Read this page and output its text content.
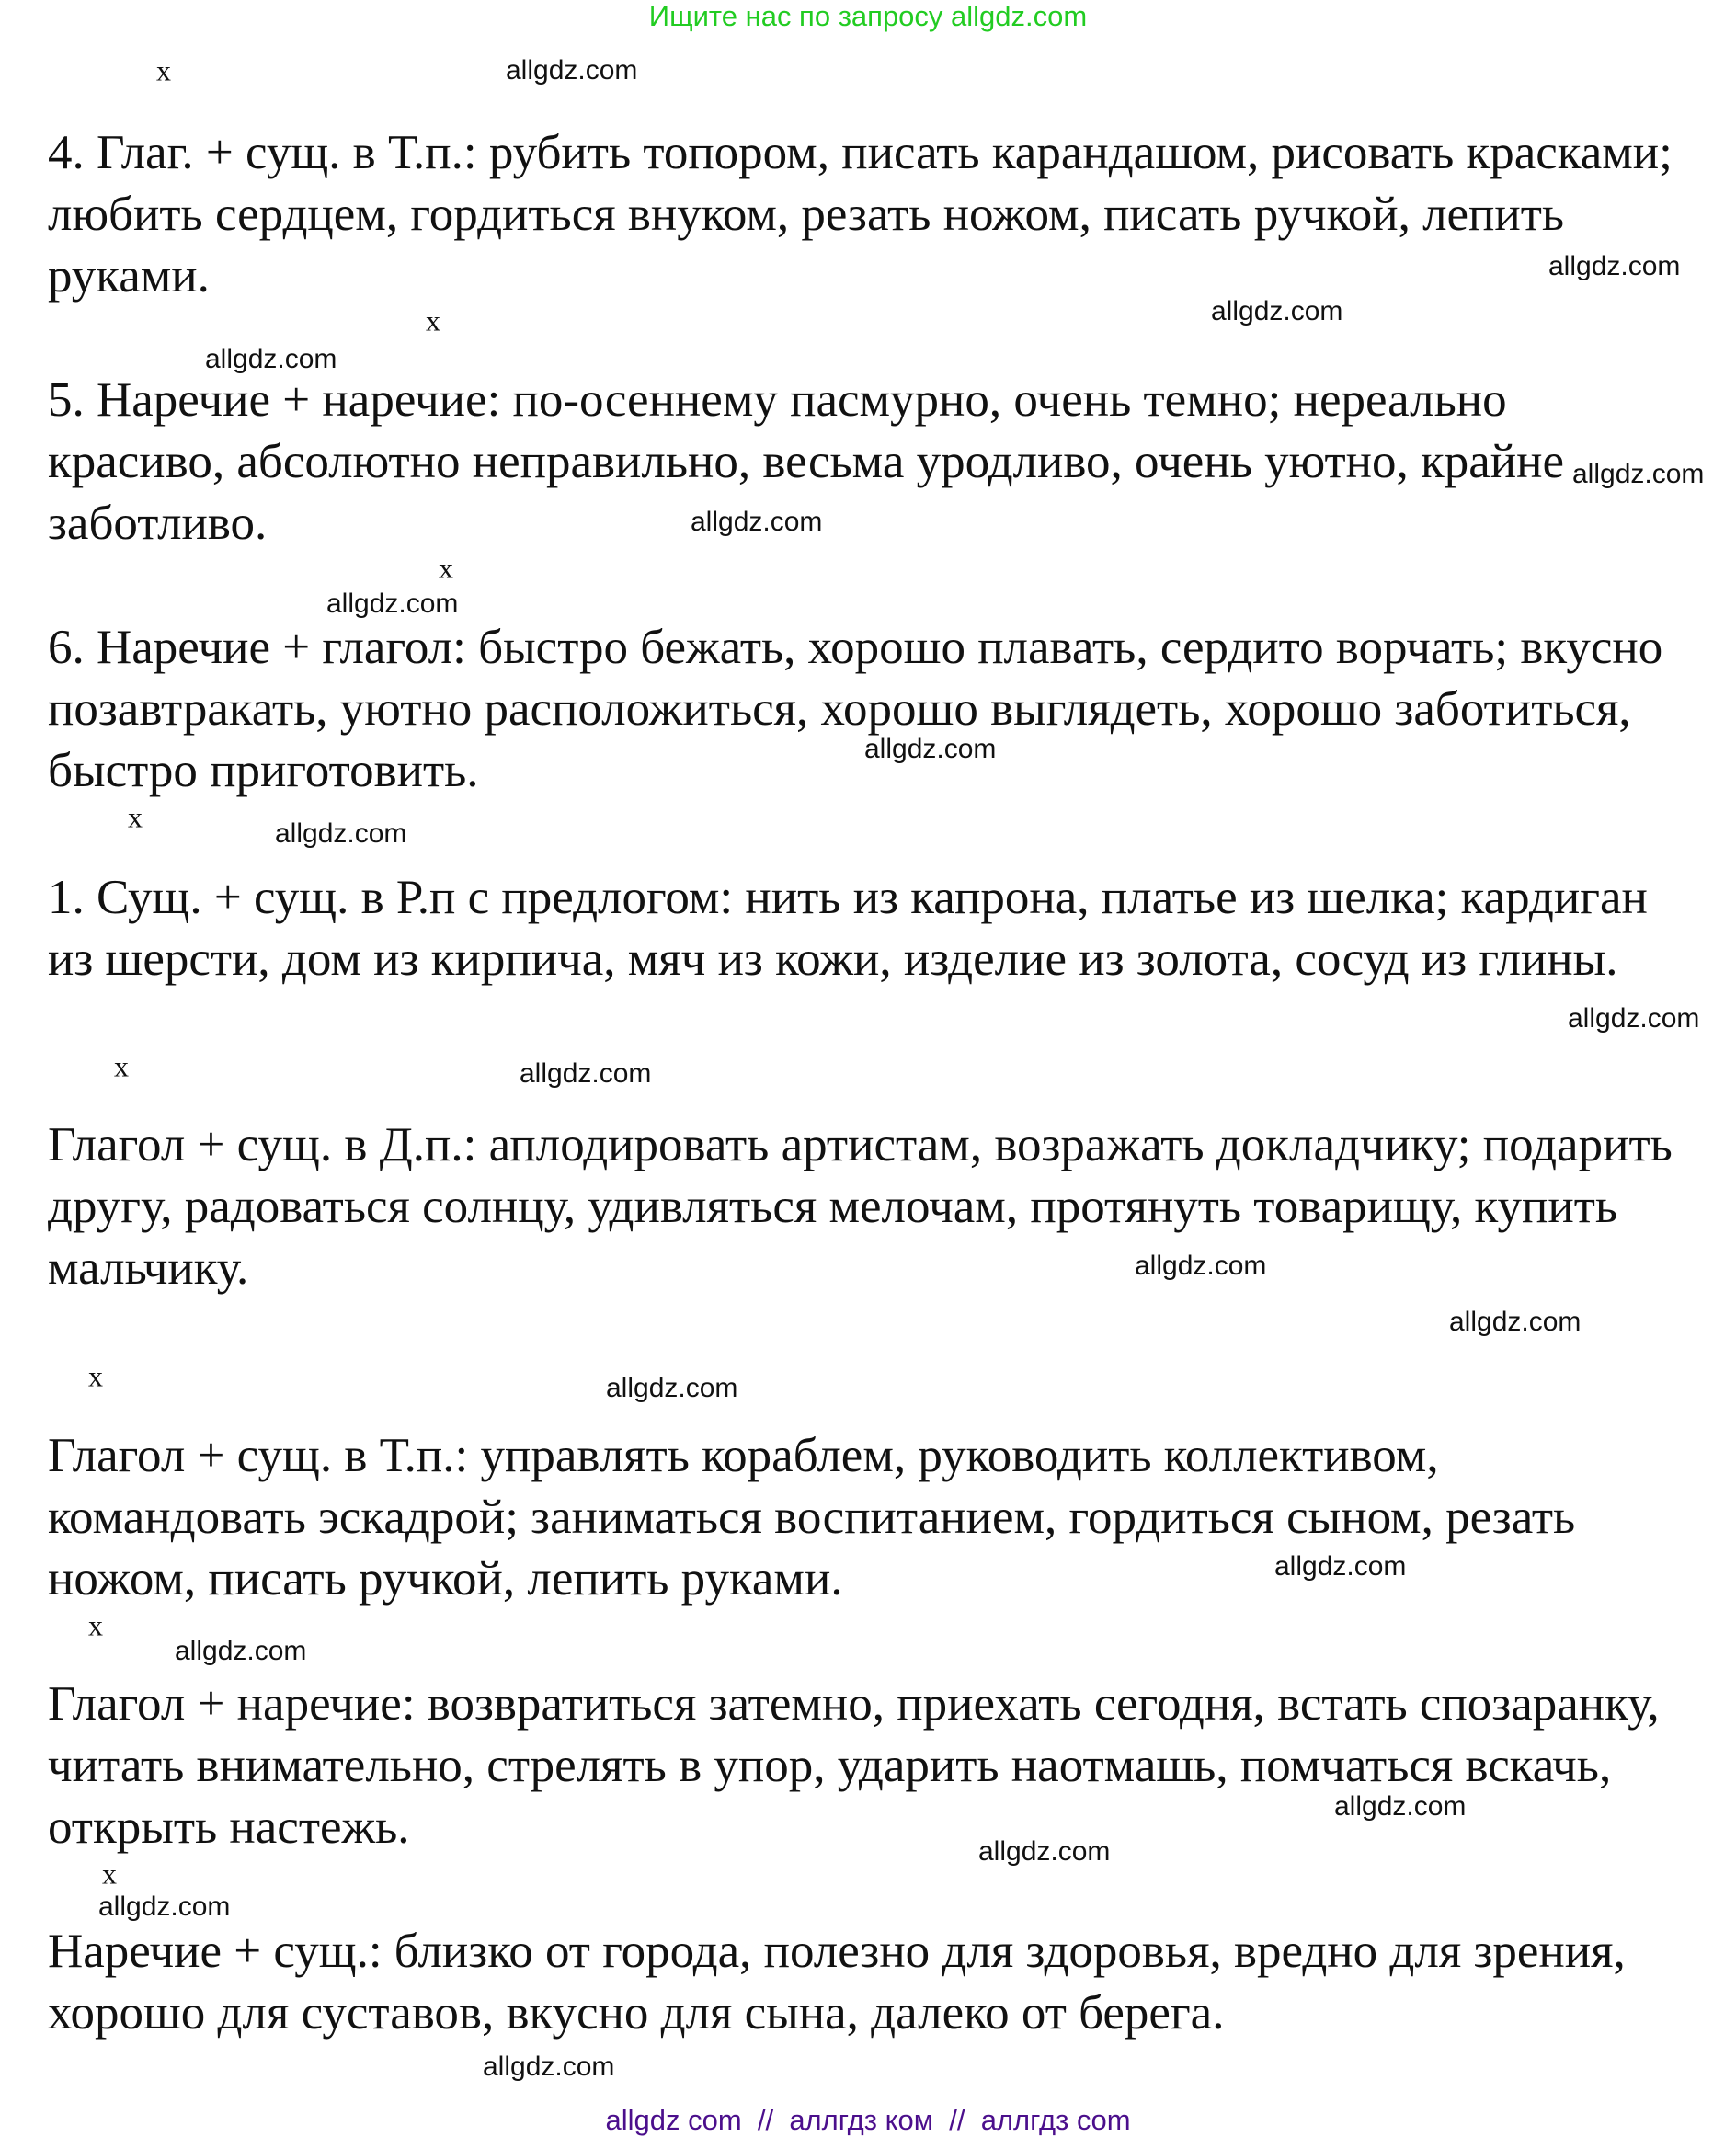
Ищите нас по запросу allgdz.com

4. Глаг. + сущ. в Т.п.: рубить топором, писать карандашом, рисовать красками; любить сердцем, гордиться внуком, резать ножом, писать ручкой, лепить руками.

5. Наречие + наречие: по-осеннему пасмурно, очень темно; нереально красиво, абсолютно неправильно, весьма уродливо, очень уютно, крайне заботливо.

6. Наречие + глагол: быстро бежать, хорошо плавать, сердито ворчать; вкусно позавтракать, уютно расположиться, хорошо выглядеть, хорошо заботиться, быстро приготовить.

1. Сущ. + сущ. в Р.п с предлогом: нить из капрона, платье из шелка; кардиган из шерсти, дом из кирпича, мяч из кожи, изделие из золота, сосуд из глины.

Глагол + сущ. в Д.п.: аплодировать артистам, возражать докладчику; подарить другу, радоваться солнцу, удивляться мелочам, протянуть товарищу, купить мальчику.

Глагол + сущ. в Т.п.: управлять кораблем, руководить коллективом, командовать эскадрой; заниматься воспитанием, гордиться сыном, резать ножом, писать ручкой, лепить руками.

Глагол + наречие: возвратиться затемно, приехать сегодня, встать спозаранку, читать внимательно, стрелять в упор, ударить наотмашь, помчаться вскачь, открыть настежь.

Наречие + сущ.: близко от города, полезно для здоровья, вредно для зрения, хорошо для суставов, вкусно для сына, далеко от берега.

x
x
x
x
x
x
x
x
allgdz.com
allgdz.com
allgdz.com
allgdz.com
allgdz.com
allgdz.com
allgdz.com
allgdz.com
allgdz.com
allgdz.com
allgdz.com
allgdz.com
allgdz.com
allgdz.com
allgdz.com
allgdz.com
allgdz.com
allgdz.com
allgdz.com
allgdz.com
allgdz com  //  аллгдз ком  //  аллгдз com
